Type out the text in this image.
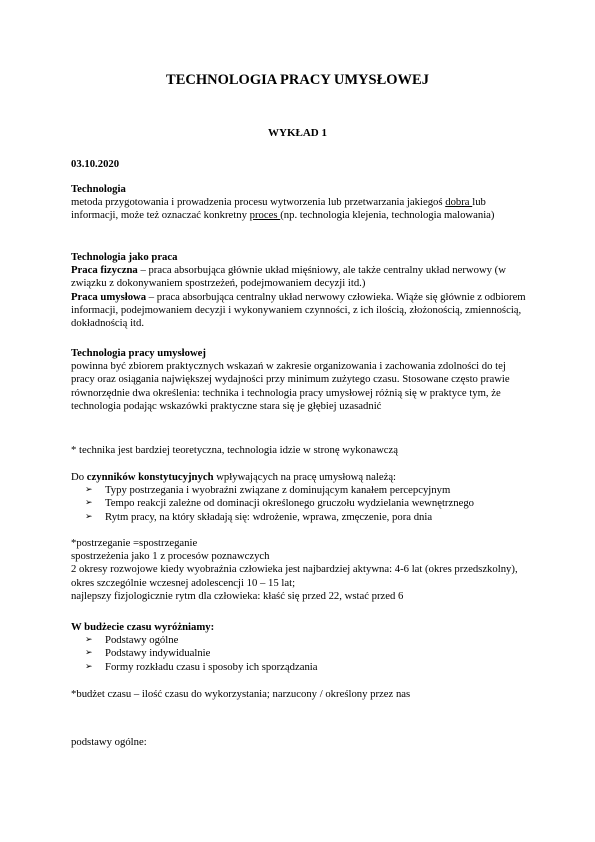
TECHNOLOGIA PRACY UMYSŁOWEJ
WYKŁAD 1

03.10.2020

Technologia

metoda przygotowania i prowadzenia procesu wytworzenia lub przetwarzania jakiegoś dobra lub informacji, może też oznaczać konkretny proces (np. technologia klejenia, technologia malowania)

Technologia jako praca

Praca fizyczna – praca absorbująca głównie układ mięśniowy, ale także centralny układ nerwowy (w związku z dokonywaniem spostrzeżeń, podejmowaniem decyzji itd.)

Praca umysłowa – praca absorbująca centralny układ nerwowy człowieka. Wiąże się głównie z odbiorem informacji, podejmowaniem decyzji i wykonywaniem czynności, z ich ilością, złożonością, zmiennością, dokładnością itd.

Technologia pracy umysłowej

powinna być zbiorem praktycznych wskazań w zakresie organizowania i zachowania zdolności do tej pracy oraz osiągania największej wydajności przy minimum zużytego czasu. Stosowane często prawie równorzędnie dwa określenia: technika i technologia pracy umysłowej różnią się w praktyce tym, że technologia podając wskazówki praktyczne stara się je głębiej uzasadnić

* technika jest bardziej teoretyczna, technologia idzie w stronę wykonawczą

Do czynników konstytucyjnych wpływających na pracę umysłową należą:

➢ Typy postrzegania i wyobraźni związane z dominującym kanałem percepcyjnym
➢ Tempo reakcji zależne od dominacji określonego gruczołu wydzielania wewnętrznego
➢ Rytm pracy, na który składają się: wdrożenie, wprawa, zmęczenie, pora dnia

*postrzeganie =spostrzeganie

spostrzeżenia jako 1 z procesów poznawczych

2 okresy rozwojowe kiedy wyobraźnia człowieka jest najbardziej aktywna: 4-6 lat (okres przedszkolny), okres szczególnie wczesnej adolescencji 10 – 15 lat;

najlepszy fizjologicznie rytm dla człowieka: kłaść się przed 22, wstać przed 6

W budżecie czasu wyróżniamy:

➢ Podstawy ogólne
➢ Podstawy indywidualnie
➢ Formy rozkładu czasu i sposoby ich sporządzania

*budżet czasu – ilość czasu do wykorzystania; narzucony / określony przez nas

podstawy ogólne:
